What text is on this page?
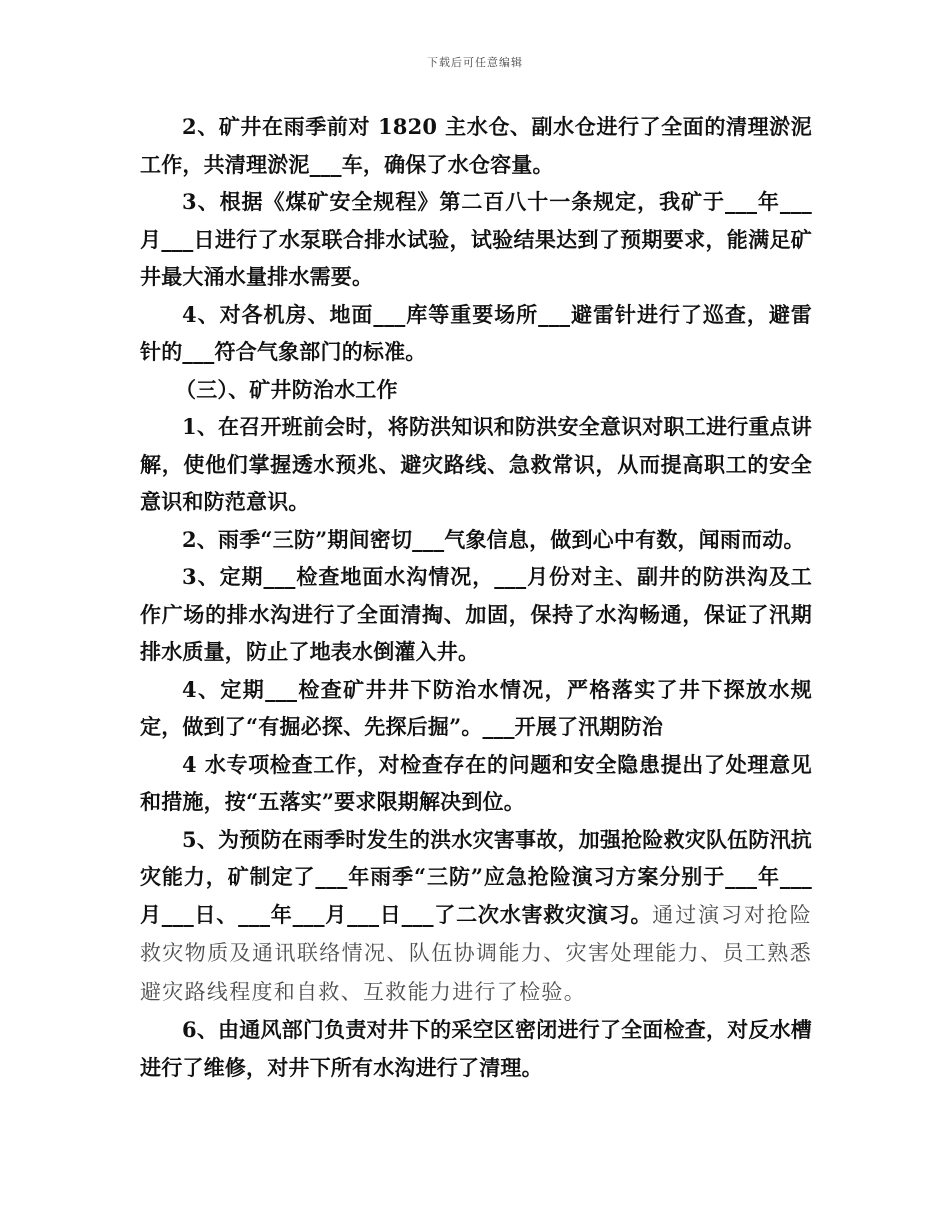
下载后可任意编辑

2、矿井在雨季前对 1820 主水仓、副水仓进行了全面的清理淤泥工作，共清理淤泥___车，确保了水仓容量。

3、根据《煤矿安全规程》第二百八十一条规定，我矿于___年___月___日进行了水泵联合排水试验，试验结果达到了预期要求，能满足矿井最大涌水量排水需要。

4、对各机房、地面___库等重要场所___避雷针进行了巡查，避雷针的___符合气象部门的标准。

（三）、矿井防治水工作

1、在召开班前会时，将防洪知识和防洪安全意识对职工进行重点讲解，使他们掌握透水预兆、避灾路线、急救常识，从而提高职工的安全意识和防范意识。

2、雨季“三防”期间密切___气象信息，做到心中有数，闻雨而动。

3、定期___检查地面水沟情况，___月份对主、副井的防洪沟及工作广场的排水沟进行了全面清掏、加固，保持了水沟畅通，保证了汛期排水质量，防止了地表水倒灌入井。

4、定期___检查矿井井下防治水情况，严格落实了井下探放水规定，做到了“有掘必探、先探后掘”。___开展了汛期防治

4 水专项检查工作，对检查存在的问题和安全隐患提出了处理意见和措施，按“五落实”要求限期解决到位。

5、为预防在雨季时发生的洪水灾害事故，加强抢险救灾队伍防汛抗灾能力，矿制定了___年雨季“三防”应急抢险演习方案分别于___年___月___日、___年___月___日___了二次水害救灾演习。通过演习对抢险救灾物质及通讯联络情况、队伍协调能力、灾害处理能力、员工熟悉避灾路线程度和自救、互救能力进行了检验。

6、由通风部门负责对井下的采空区密闭进行了全面检查，对反水槽进行了维修，对井下所有水沟进行了清理。
